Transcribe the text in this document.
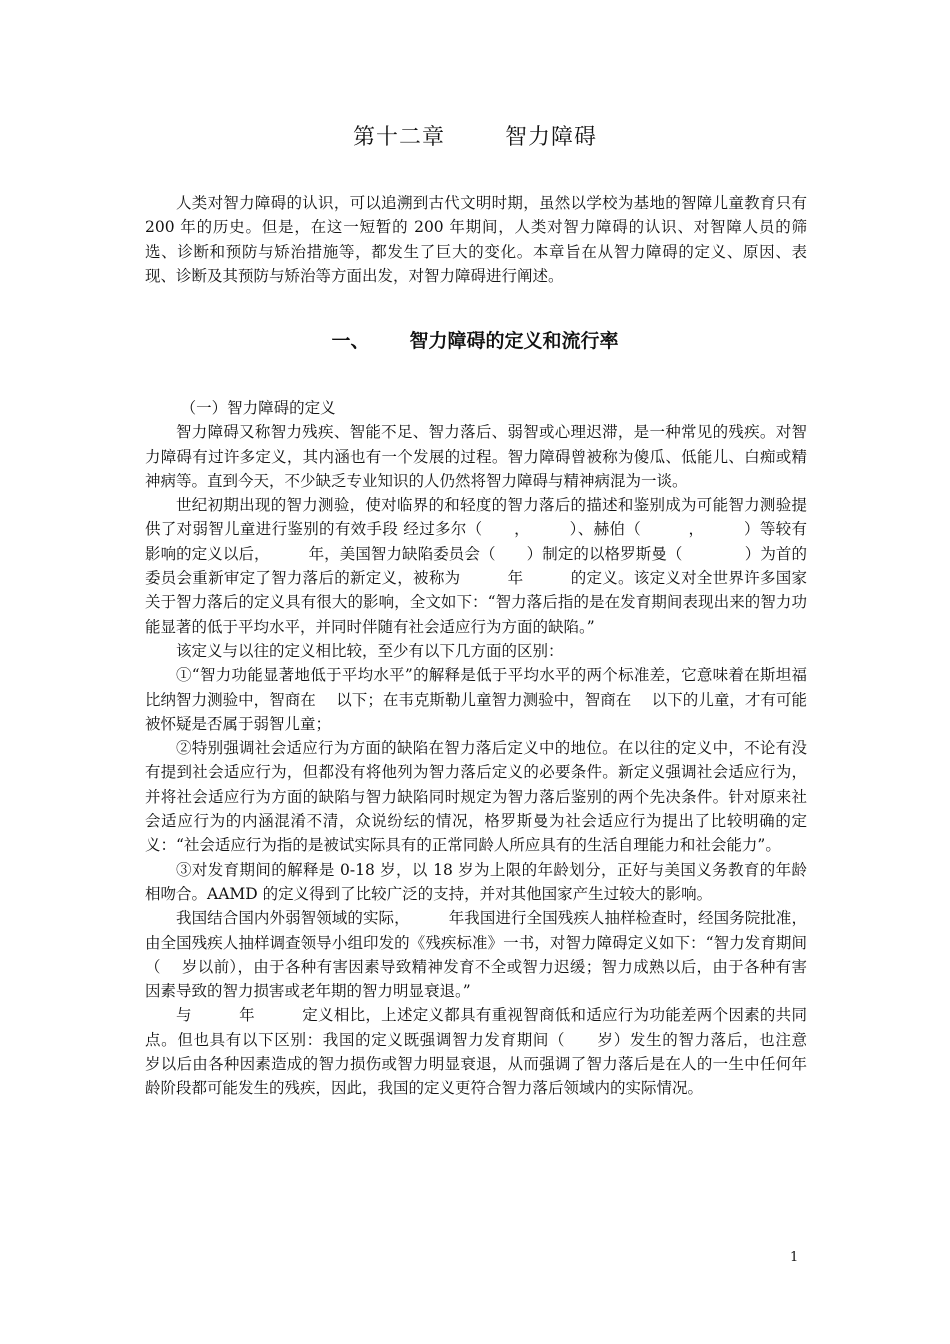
第十二章	智力障碍

人类对智力障碍的认识，可以追溯到古代文明时期，虽然以学校为基地的智障儿童教育只有 200 年的历史。但是，在这一短暂的 200 年期间，人类对智力障碍的认识、对智障人员的筛选、诊断和预防与矫治措施等，都发生了巨大的变化。本章旨在从智力障碍的定义、原因、表现、诊断及其预防与矫治等方面出发，对智力障碍进行阐述。

一、 智力障碍的定义和流行率

（一）智力障碍的定义

智力障碍又称智力残疾、智能不足、智力落后、弱智或心理迟滞，是一种常见的残疾。对智力障碍有过许多定义，其内涵也有一个发展的过程。智力障碍曾被称为傻瓜、低能儿、白痴或精神病等。直到今天，不少缺乏专业知识的人仍然将智力障碍与精神病混为一谈。

世纪初期出现的智力测验，使对临界的和轻度的智力落后的描述和鉴别成为可能智力测验提供了对弱智儿童进行鉴别的有效手段 经过多尔（　　，　　　）、赫伯（　　　，　　　）等较有影响的定义以后，　　　年，美国智力缺陷委员会（　　）制定的以格罗斯曼（　　　　）为首的委员会重新审定了智力落后的新定义，被称为　　　年　　　的定义。该定义对全世界许多国家关于智力落后的定义具有很大的影响，全文如下：“智力落后指的是在发育期间表现出来的智力功能显著的低于平均水平，并同时伴随有社会适应行为方面的缺陷。”

该定义与以往的定义相比较，至少有以下几方面的区别：

①“智力功能显著地低于平均水平”的解释是低于平均水平的两个标准差，它意味着在斯坦福 比纳智力测验中，智商在　 以下；在韦克斯勒儿童智力测验中，智商在　 以下的儿童，才有可能被怀疑是否属于弱智儿童；

②特别强调社会适应行为方面的缺陷在智力落后定义中的地位。在以往的定义中，不论有没有提到社会适应行为，但都没有将他列为智力落后定义的必要条件。新定义强调社会适应行为，并将社会适应行为方面的缺陷与智力缺陷同时规定为智力落后鉴别的两个先决条件。针对原来社会适应行为的内涵混淆不清，众说纷纭的情况，格罗斯曼为社会适应行为提出了比较明确的定义：“社会适应行为指的是被试实际具有的正常同龄人所应具有的生活自理能力和社会能力”。

③对发育期间的解释是 0-18 岁，以 18 岁为上限的年龄划分，正好与美国义务教育的年龄相吻合。AAMD 的定义得到了比较广泛的支持，并对其他国家产生过较大的影响。

我国结合国内外弱智领域的实际，　　　年我国进行全国残疾人抽样检查时，经国务院批准，由全国残疾人抽样调查领导小组印发的《残疾标准》一书，对智力障碍定义如下：“智力发育期间（　 岁以前），由于各种有害因素导致精神发育不全或智力迟缓；智力成熟以后，由于各种有害因素导致的智力损害或老年期的智力明显衰退。”

与　　　年　　　定义相比，上述定义都具有重视智商低和适应行为功能差两个因素的共同点。但也具有以下区别：我国的定义既强调智力发育期间（　　岁）发生的智力落后，也注意　 岁以后由各种因素造成的智力损伤或智力明显衰退，从而强调了智力落后是在人的一生中任何年龄阶段都可能发生的残疾，因此，我国的定义更符合智力落后领域内的实际情况。

1
